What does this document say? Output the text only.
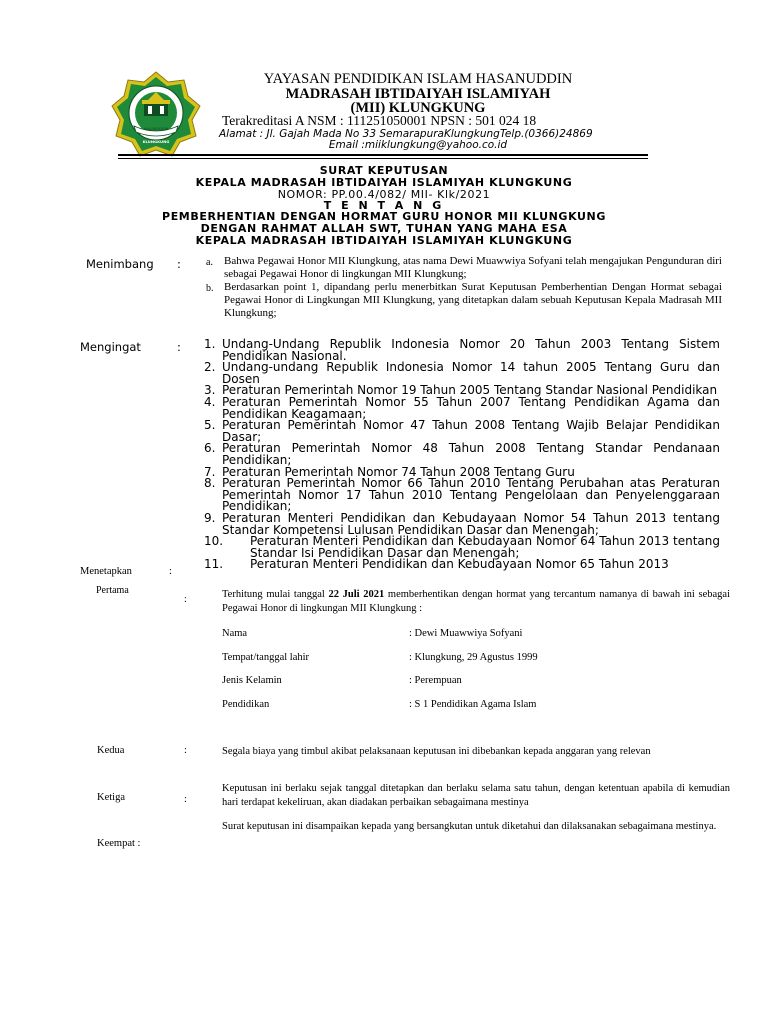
HASANUDDIN
KLUNGKUNG
YAYASAN PENDIDIKAN ISLAM HASANUDDIN
MADRASAH IBTIDAIYAH ISLAMIYAH
(MII) KLUNGKUNG
Terakreditasi A NSM : 111251050001 NPSN : 501 024 18
Alamat : Jl. Gajah Mada No 33 SemarapuraKlungkungTelp.(0366)24869
Email :miiklungkung@yahoo.co.id
SURAT KEPUTUSAN
KEPALA MADRASAH IBTIDAIYAH ISLAMIYAH KLUNGKUNG
NOMOR: PP.00.4/082/ MII- Klk/2021
T E N T A N G
PEMBERHENTIAN DENGAN HORMAT GURU HONOR MII KLUNGKUNG
DENGAN RAHMAT ALLAH SWT, TUHAN YANG MAHA ESA
KEPALA MADRASAH IBTIDAIYAH ISLAMIYAH KLUNGKUNG
Menimbang :	a. Bahwa Pegawai Honor MII Klungkung, atas nama Dewi Muawwiya Sofyani telah mengajukan Pengunduran diri sebagai Pegawai Honor di lingkungan MII Klungkung;
b. Berdasarkan point 1, dipandang perlu menerbitkan Surat Keputusan Pemberhentian Dengan Hormat sebagai Pegawai Honor di Lingkungan MII Klungkung, yang ditetapkan dalam sebuah Keputusan Kepala Madrasah MII Klungkung;
Mengingat	: 1. Undang-Undang Republik Indonesia Nomor 20 Tahun 2003 Tentang Sistem Pendidikan Nasional.
2. Undang-undang Republik Indonesia Nomor 14 tahun 2005 Tentang Guru dan Dosen
3. Peraturan Pemerintah Nomor 19 Tahun 2005 Tentang Standar Nasional Pendidikan
4. Peraturan Pemerintah Nomor 55 Tahun 2007 Tentang Pendidikan Agama dan Pendidikan Keagamaan;
5. Peraturan Pemerintah Nomor 47 Tahun 2008 Tentang Wajib Belajar Pendidikan Dasar;
6. Peraturan Pemerintah Nomor 48 Tahun 2008 Tentang Standar Pendanaan Pendidikan;
7. Peraturan Pemerintah Nomor 74 Tahun 2008 Tentang Guru
8. Peraturan Pemerintah Nomor 66 Tahun 2010 Tentang Perubahan atas Peraturan Pemerintah Nomor 17 Tahun 2010 Tentang Pengelolaan dan Penyelenggaraan Pendidikan;
9. Peraturan Menteri Pendidikan dan Kebudayaan Nomor 54 Tahun 2013 tentang Standar Kompetensi Lulusan Pendidikan Dasar dan Menengah;
10.	Peraturan Menteri Pendidikan dan Kebudayaan Nomor 64 Tahun 2013 tentang Standar Isi Pendidikan Dasar dan Menengah;
11.	Peraturan Menteri Pendidikan dan Kebudayaan Nomor 65 Tahun 2013
Menetapkan	:
Pertama
:	Terhitung mulai tanggal 22 Juli 2021 memberhentikan dengan hormat yang tercantum namanya di bawah ini sebagai Pegawai Honor di lingkungan MII Klungkung :
Nama	: Dewi Muawwiya Sofyani
Tempat/tanggal lahir	: Klungkung, 29 Agustus 1999
Jenis Kelamin	: Perempuan
Pendidikan	: S 1 Pendidikan Agama Islam
Kedua	:	Segala biaya yang timbul akibat pelaksanaan keputusan ini dibebankan kepada anggaran yang relevan
Ketiga	:
Keputusan ini berlaku sejak tanggal ditetapkan dan berlaku selama satu tahun, dengan ketentuan apabila di kemudian hari terdapat kekeliruan, akan diadakan perbaikan sebagaimana mestinya
Keempat :
Surat keputusan ini disampaikan kepada yang bersangkutan untuk diketahui dan dilaksanakan sebagaimana mestinya.
